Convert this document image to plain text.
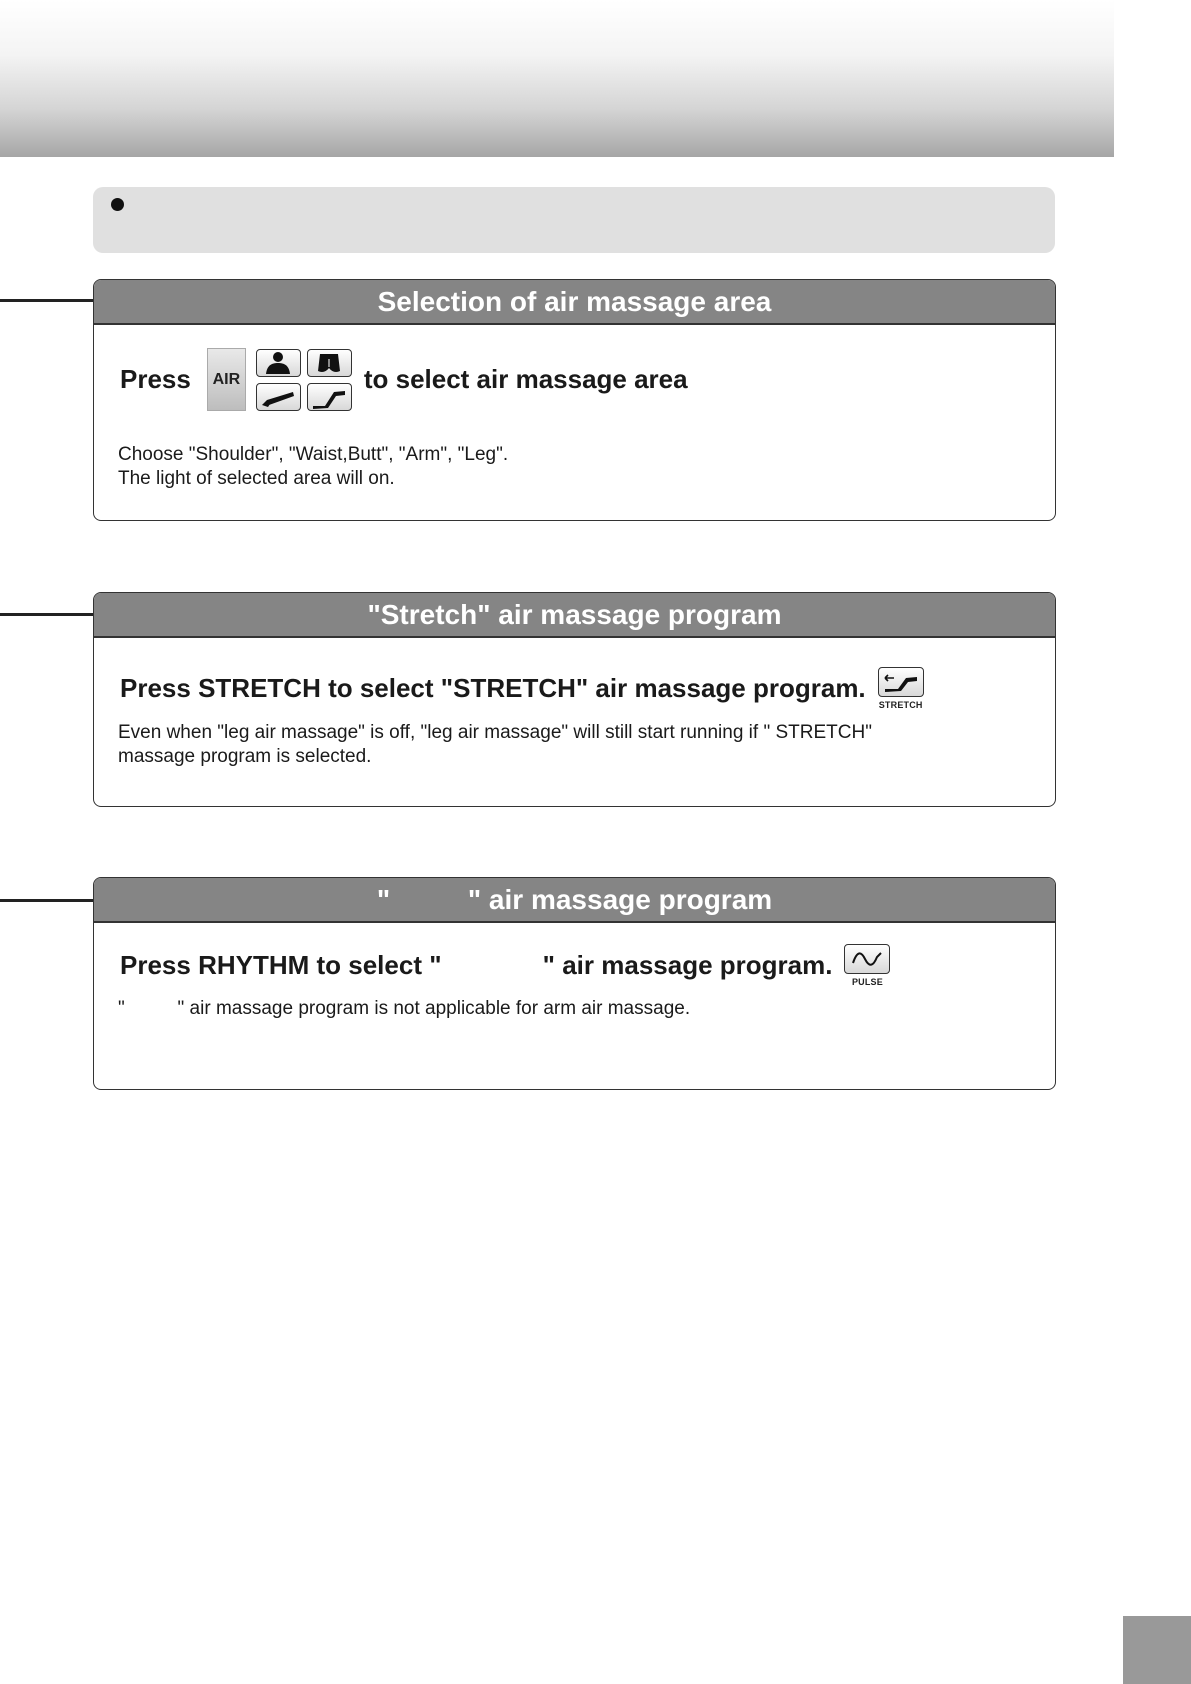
Selection of air massage area
Press AIR	to select air massage area
Choose "Shoulder", "Waist,Butt", "Arm", "Leg".
The light of selected area will on.
"Stretch" air massage program
Press STRETCH to select "STRETCH" air massage program.
STRETCH
Even when "leg air massage" is off, "leg air massage" will still start running if " STRETCH"
massage program is selected.
"          " air massage program
Press RHYTHM to select "              " air massage program.
PULSE
"          " air massage program is not applicable for arm air massage.
